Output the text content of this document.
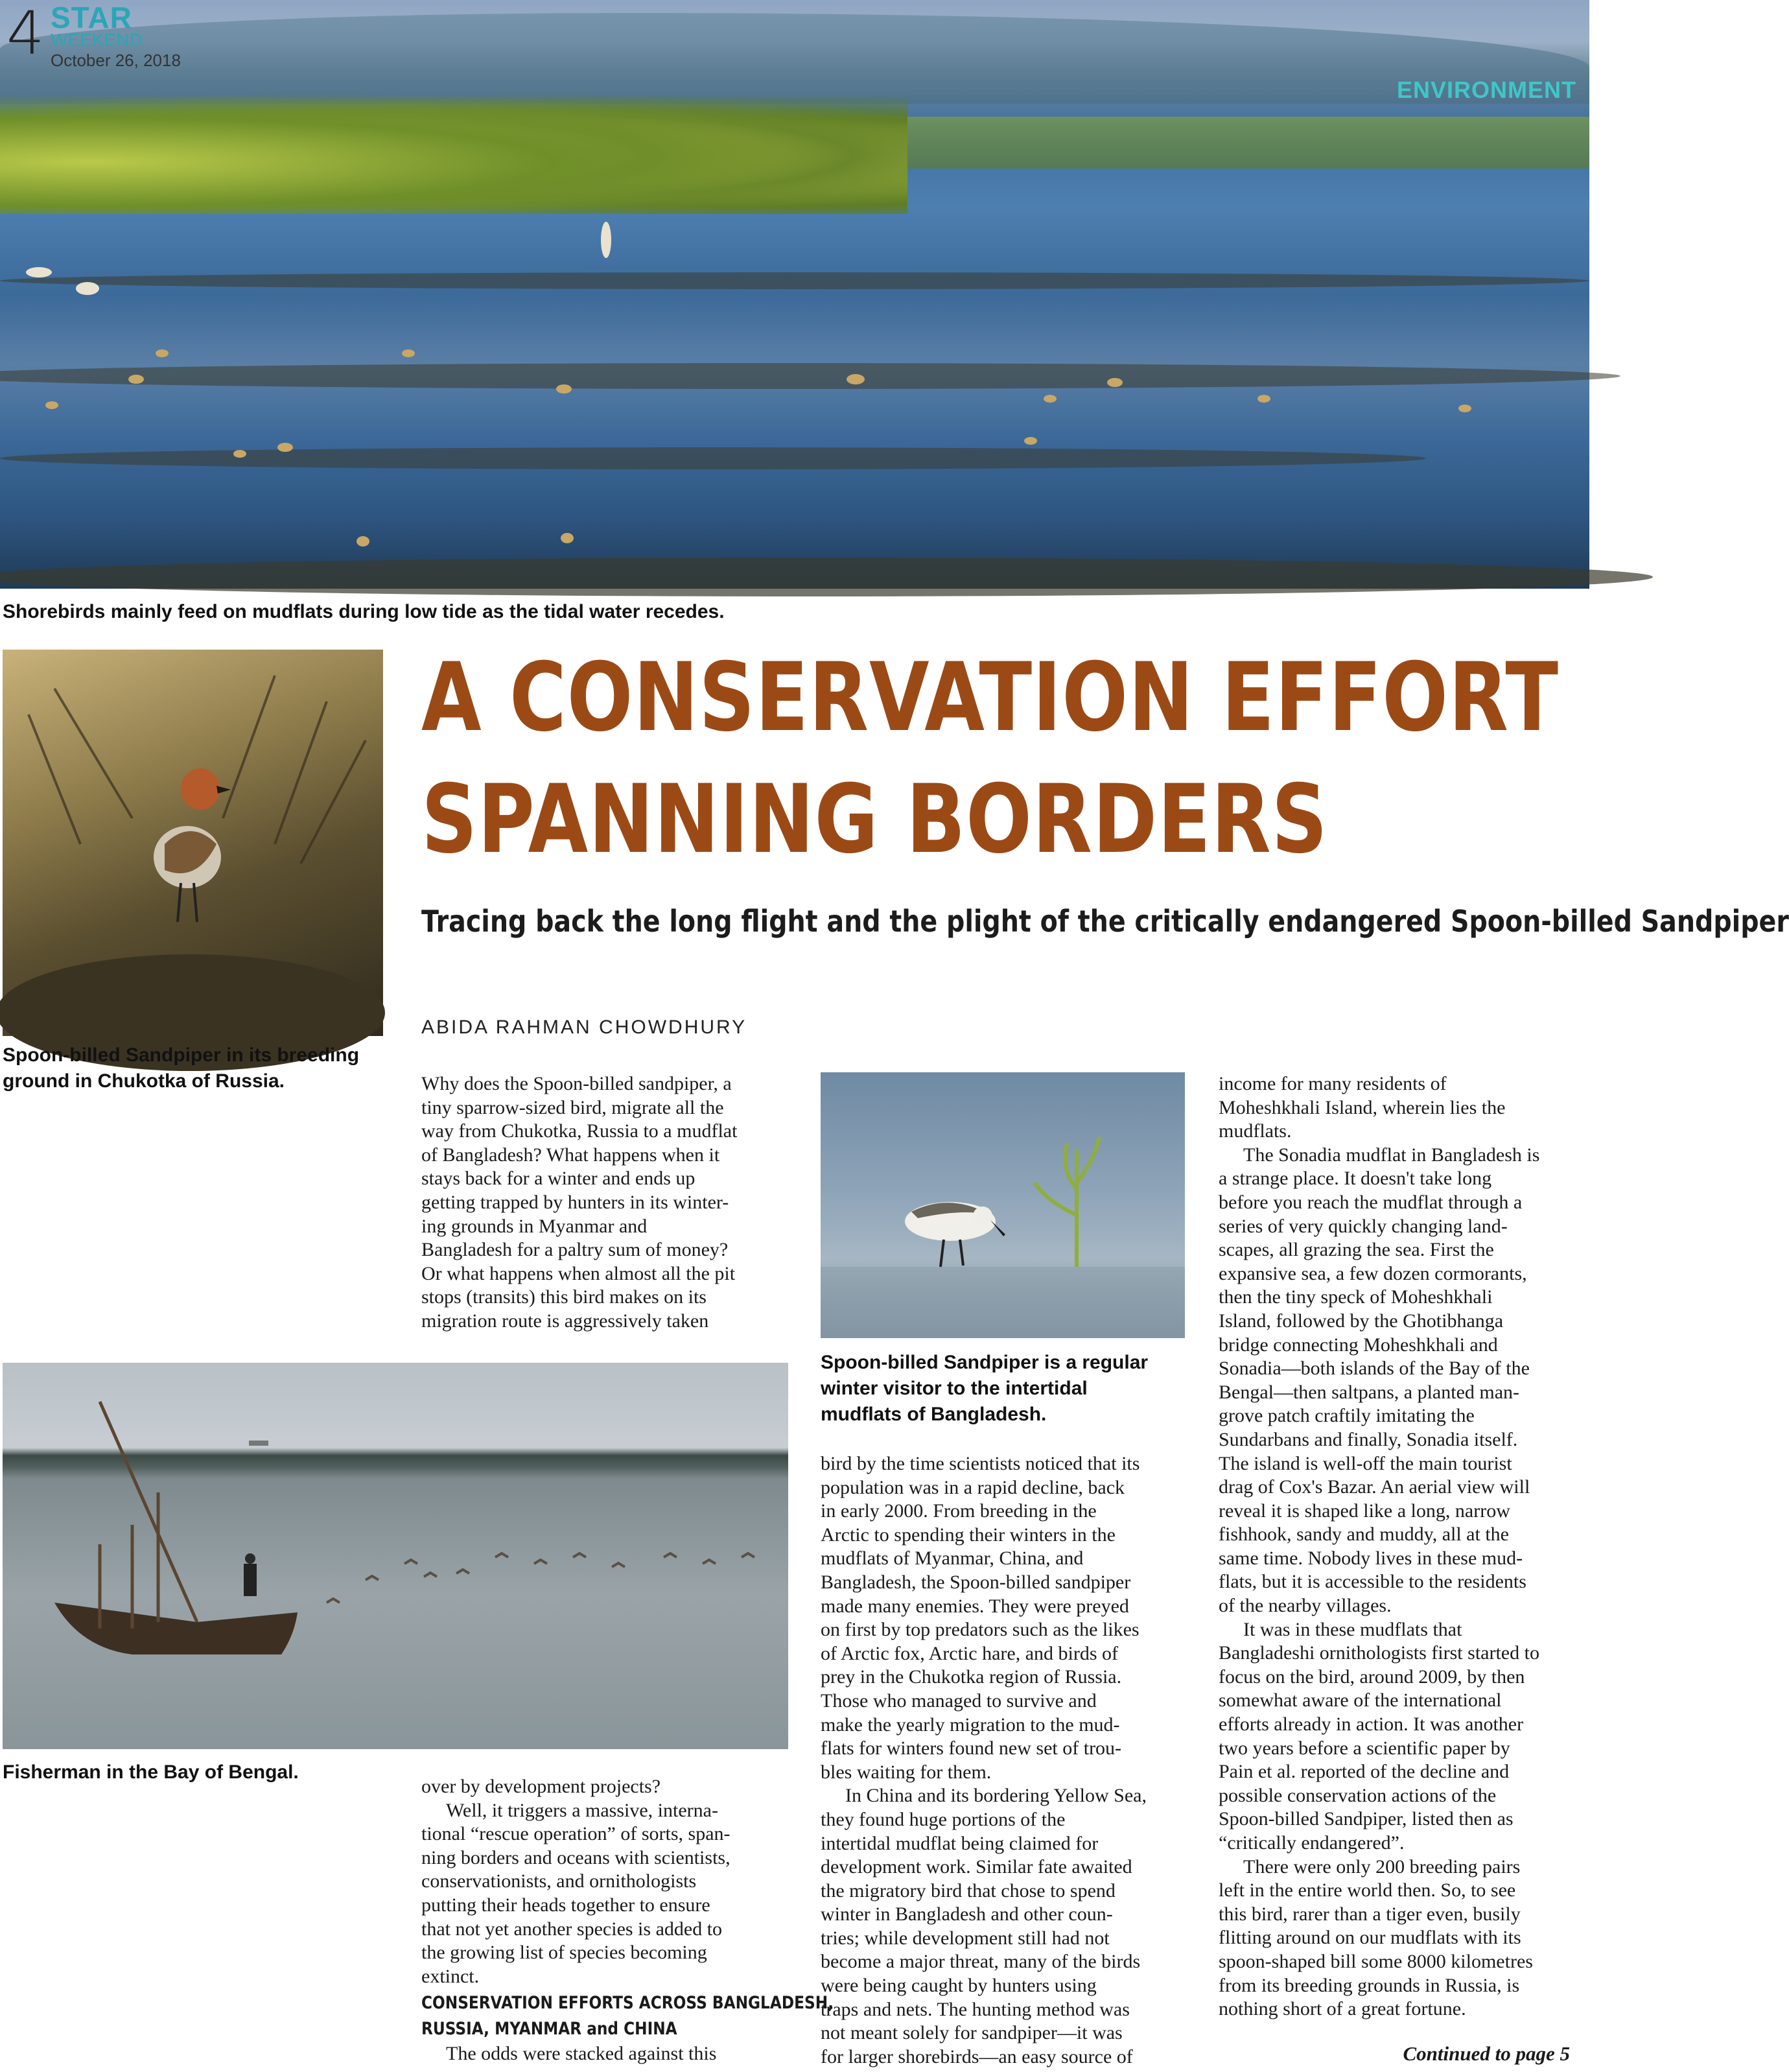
4 STAR
WEEKEND
October 26, 2018
ENVIRONMENT
Shorebirds mainly feed on mudflats during low tide as the tidal water recedes.
Spoon-billed Sandpiper in its breeding
ground in Chukotka of Russia.
A CONSERVATION EFFORT
SPANNING BORDERS
Tracing back the long flight and the plight of the critically endangered Spoon-billed Sandpiper
ABIDA RAHMAN CHOWDHURY
Why does the Spoon-billed sandpiper, a
tiny sparrow-sized bird, migrate all the
way from Chukotka, Russia to a mudflat
of Bangladesh? What happens when it
stays back for a winter and ends up
getting trapped by hunters in its winter-
ing grounds in Myanmar and
Bangladesh for a paltry sum of money?
Or what happens when almost all the pit
stops (transits) this bird makes on its
migration route is aggressively taken
Fisherman in the Bay of Bengal.
over by development projects?
Well, it triggers a massive, interna-
tional “rescue operation” of sorts, span-
ning borders and oceans with scientists,
conservationists, and ornithologists
putting their heads together to ensure
that not yet another species is added to
the growing list of species becoming
extinct.
CONSERVATION EFFORTS ACROSS BANGLADESH,
RUSSIA, MYANMAR and CHINA
The odds were stacked against this
Spoon-billed Sandpiper is a regular
winter visitor to the intertidal
mudflats of Bangladesh.
bird by the time scientists noticed that its
population was in a rapid decline, back
in early 2000. From breeding in the
Arctic to spending their winters in the
mudflats of Myanmar, China, and
Bangladesh, the Spoon-billed sandpiper
made many enemies. They were preyed
on first by top predators such as the likes
of Arctic fox, Arctic hare, and birds of
prey in the Chukotka region of Russia.
Those who managed to survive and
make the yearly migration to the mud-
flats for winters found new set of trou-
bles waiting for them.
In China and its bordering Yellow Sea,
they found huge portions of the
intertidal mudflat being claimed for
development work. Similar fate awaited
the migratory bird that chose to spend
winter in Bangladesh and other coun-
tries; while development still had not
become a major threat, many of the birds
were being caught by hunters using
traps and nets. The hunting method was
not meant solely for sandpiper—it was
for larger shorebirds—an easy source of
income for many residents of
Moheshkhali Island, wherein lies the
mudflats.
The Sonadia mudflat in Bangladesh is
a strange place. It doesn't take long
before you reach the mudflat through a
series of very quickly changing land-
scapes, all grazing the sea. First the
expansive sea, a few dozen cormorants,
then the tiny speck of Moheshkhali
Island, followed by the Ghotibhanga
bridge connecting Moheshkhali and
Sonadia—both islands of the Bay of the
Bengal—then saltpans, a planted man-
grove patch craftily imitating the
Sundarbans and finally, Sonadia itself.
The island is well-off the main tourist
drag of Cox's Bazar. An aerial view will
reveal it is shaped like a long, narrow
fishhook, sandy and muddy, all at the
same time. Nobody lives in these mud-
flats, but it is accessible to the residents
of the nearby villages.
It was in these mudflats that
Bangladeshi ornithologists first started to
focus on the bird, around 2009, by then
somewhat aware of the international
efforts already in action. It was another
two years before a scientific paper by
Pain et al. reported of the decline and
possible conservation actions of the
Spoon-billed Sandpiper, listed then as
“critically endangered”.
There were only 200 breeding pairs
left in the entire world then. So, to see
this bird, rarer than a tiger even, busily
flitting around on our mudflats with its
spoon-shaped bill some 8000 kilometres
from its breeding grounds in Russia, is
nothing short of a great fortune.
Continued to page 5
